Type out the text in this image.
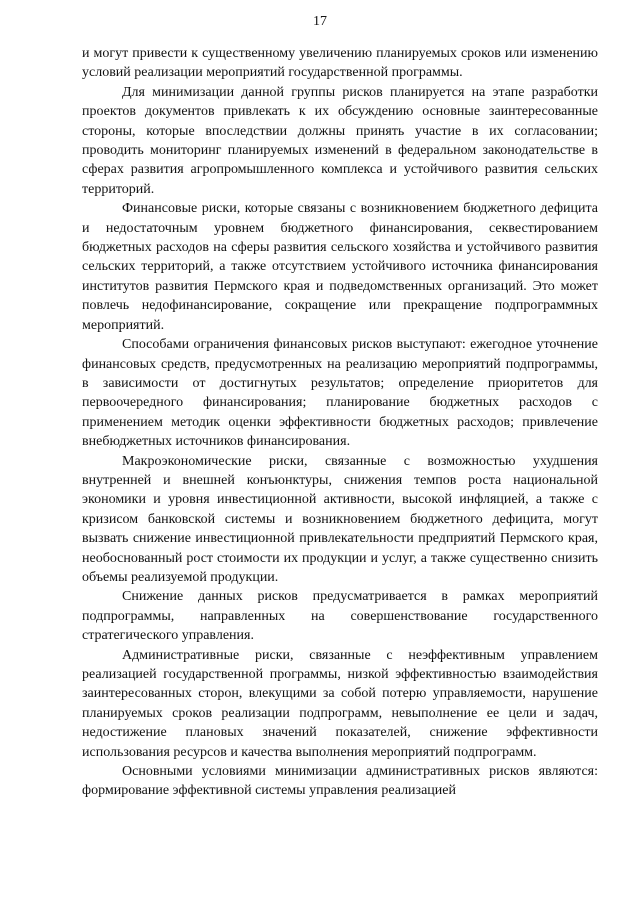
17

и могут привести к существенному увеличению планируемых сроков или изменению условий реализации мероприятий государственной программы.

Для минимизации данной группы рисков планируется на этапе разработки проектов документов привлекать к их обсуждению основные заинтересованные стороны, которые впоследствии должны принять участие в их согласовании; проводить мониторинг планируемых изменений в федеральном законодательстве в сферах развития агропромышленного комплекса и устойчивого развития сельских территорий.

Финансовые риски, которые связаны с возникновением бюджетного дефицита и недостаточным уровнем бюджетного финансирования, секвестированием бюджетных расходов на сферы развития сельского хозяйства и устойчивого развития сельских территорий, а также отсутствием устойчивого источника финансирования институтов развития Пермского края и подведомственных организаций. Это может повлечь недофинансирование, сокращение или прекращение подпрограммных мероприятий.

Способами ограничения финансовых рисков выступают: ежегодное уточнение финансовых средств, предусмотренных на реализацию мероприятий подпрограммы, в зависимости от достигнутых результатов; определение приоритетов для первоочередного финансирования; планирование бюджетных расходов с применением методик оценки эффективности бюджетных расходов; привлечение внебюджетных источников финансирования.

Макроэкономические риски, связанные с возможностью ухудшения внутренней и внешней конъюнктуры, снижения темпов роста национальной экономики и уровня инвестиционной активности, высокой инфляцией, а также с кризисом банковской системы и возникновением бюджетного дефицита, могут вызвать снижение инвестиционной привлекательности предприятий Пермского края, необоснованный рост стоимости их продукции и услуг, а также существенно снизить объемы реализуемой продукции.

Снижение данных рисков предусматривается в рамках мероприятий подпрограммы, направленных на совершенствование государственного стратегического управления.

Административные риски, связанные с неэффективным управлением реализацией государственной программы, низкой эффективностью взаимодействия заинтересованных сторон, влекущими за собой потерю управляемости, нарушение планируемых сроков реализации подпрограмм, невыполнение ее цели и задач, недостижение плановых значений показателей, снижение эффективности использования ресурсов и качества выполнения мероприятий подпрограмм.

Основными условиями минимизации административных рисков являются: формирование эффективной системы управления реализацией
